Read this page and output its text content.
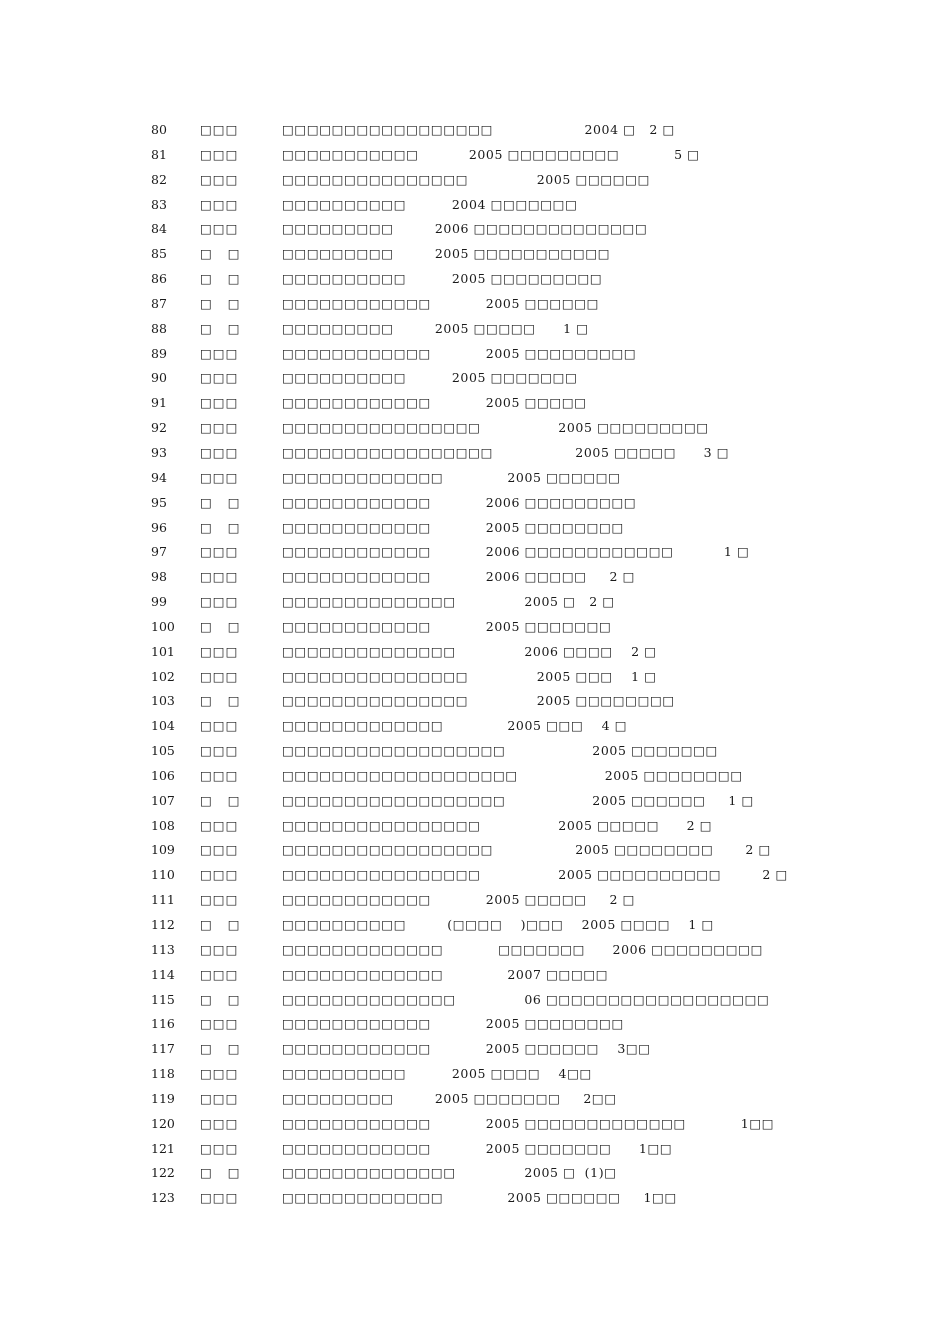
80	□□□	□□□□□□□□□□□□□□□□□                    2004 □   2 □
81	□□□	□□□□□□□□□□□           2005 □□□□□□□□□            5 □
82	□□□	□□□□□□□□□□□□□□□               2005 □□□□□□
83	□□□	□□□□□□□□□□          2004 □□□□□□□
84	□□□	□□□□□□□□□         2006 □□□□□□□□□□□□□□
85	□   □	□□□□□□□□□         2005 □□□□□□□□□□□
86	□   □	□□□□□□□□□□          2005 □□□□□□□□□
87	□   □	□□□□□□□□□□□□            2005 □□□□□□
88	□   □	□□□□□□□□□         2005 □□□□□      1 □
89	□□□	□□□□□□□□□□□□            2005 □□□□□□□□□
90	□□□	□□□□□□□□□□          2005 □□□□□□□
91	□□□	□□□□□□□□□□□□            2005 □□□□□
92	□□□	□□□□□□□□□□□□□□□□                 2005 □□□□□□□□□
93	□□□	□□□□□□□□□□□□□□□□□                  2005 □□□□□      3 □
94	□□□	□□□□□□□□□□□□□              2005 □□□□□□
95	□   □	□□□□□□□□□□□□            2006 □□□□□□□□□
96	□   □	□□□□□□□□□□□□            2005 □□□□□□□□
97	□□□	□□□□□□□□□□□□            2006 □□□□□□□□□□□□           1 □
98	□□□	□□□□□□□□□□□□            2006 □□□□□     2 □
99	□□□	□□□□□□□□□□□□□□               2005 □   2 □
100 □   □	□□□□□□□□□□□□            2005 □□□□□□□
101 □□□	□□□□□□□□□□□□□□               2006 □□□□    2 □
102 □□□	□□□□□□□□□□□□□□□               2005 □□□    1 □
103 □   □	□□□□□□□□□□□□□□□               2005 □□□□□□□□
104 □□□	□□□□□□□□□□□□□              2005 □□□    4 □
105 □□□	□□□□□□□□□□□□□□□□□□                   2005 □□□□□□□
106 □□□	□□□□□□□□□□□□□□□□□□□                   2005 □□□□□□□□
107 □   □	□□□□□□□□□□□□□□□□□□                   2005 □□□□□□     1 □
108 □□□	□□□□□□□□□□□□□□□□                 2005 □□□□□      2 □
109 □□□	□□□□□□□□□□□□□□□□□                  2005 □□□□□□□□       2 □
110 □□□	□□□□□□□□□□□□□□□□                 2005 □□□□□□□□□□         2 □
111 □□□	□□□□□□□□□□□□            2005 □□□□□     2 □
112 □   □	□□□□□□□□□□         (□□□□    )□□□    2005 □□□□    1 □
113 □□□	□□□□□□□□□□□□□            □□□□□□□      2006 □□□□□□□□□
114 □□□	□□□□□□□□□□□□□              2007 □□□□□
115 □   □	□□□□□□□□□□□□□□               06 □□□□□□□□□□□□□□□□□□
116 □□□	□□□□□□□□□□□□            2005 □□□□□□□□
117 □   □	□□□□□□□□□□□□            2005 □□□□□□    3□□
118 □□□	□□□□□□□□□□          2005 □□□□    4□□
119 □□□	□□□□□□□□□         2005 □□□□□□□     2□□
120 □□□	□□□□□□□□□□□□            2005 □□□□□□□□□□□□□            1□□
121 □□□	□□□□□□□□□□□□            2005 □□□□□□□      1□□
122 □   □	□□□□□□□□□□□□□□               2005 □  (1)□
123 □□□	□□□□□□□□□□□□□              2005 □□□□□□     1□□
